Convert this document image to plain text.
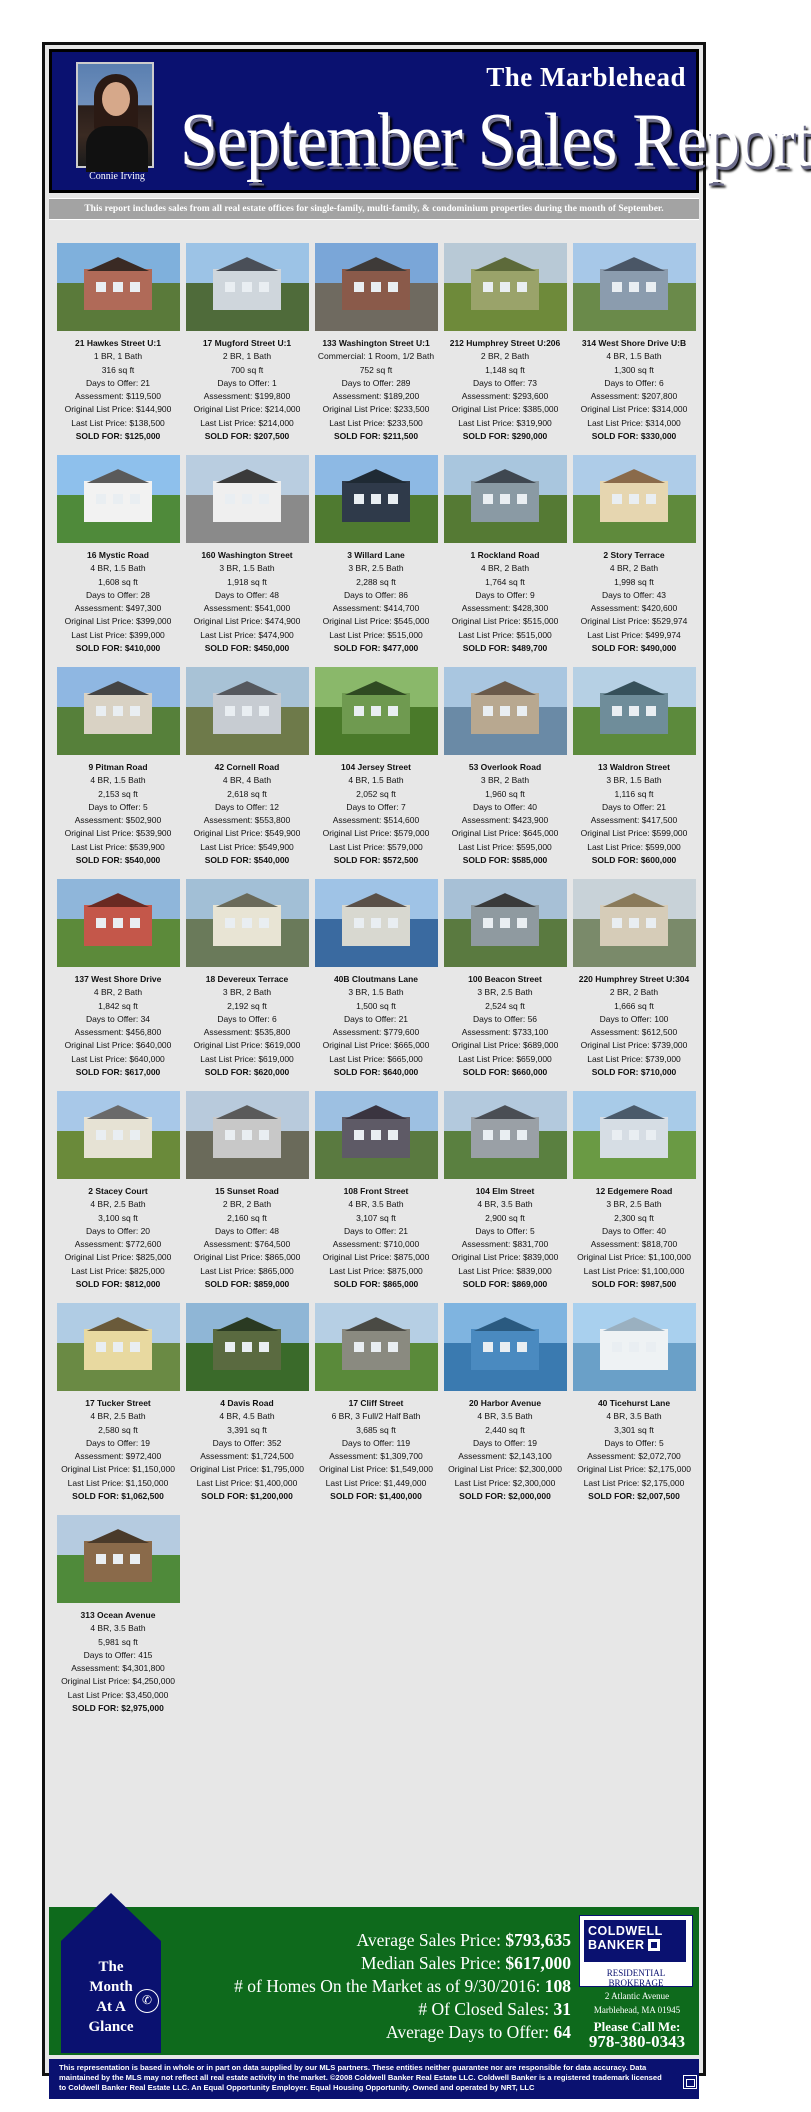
Connie Irving
The Marblehead
September Sales Report
This report includes sales from all real estate offices for single-family, multi-family, & condominium properties during the month of September.
21 Hawkes Street U:1
1 BR, 1 Bath
316 sq ft
Days to Offer: 21
Assessment: $119,500
Original List Price: $144,900
Last List Price: $138,500
SOLD FOR: $125,000
17 Mugford Street U:1
2 BR, 1 Bath
700 sq ft
Days to Offer: 1
Assessment: $199,800
Original List Price: $214,000
Last List Price: $214,000
SOLD FOR: $207,500
133 Washington Street U:1
Commercial: 1 Room, 1/2 Bath
752 sq ft
Days to Offer: 289
Assessment: $189,200
Original List Price: $233,500
Last List Price: $233,500
SOLD FOR: $211,500
212 Humphrey Street U:206
2 BR, 2 Bath
1,148 sq ft
Days to Offer: 73
Assessment: $293,600
Original List Price: $385,000
Last List Price: $319,900
SOLD FOR: $290,000
314 West Shore Drive U:B
4 BR, 1.5 Bath
1,300 sq ft
Days to Offer: 6
Assessment: $207,800
Original List Price: $314,000
Last List Price: $314,000
SOLD FOR: $330,000
16 Mystic Road
4 BR, 1.5 Bath
1,608 sq ft
Days to Offer: 28
Assessment: $497,300
Original List Price: $399,000
Last List Price: $399,000
SOLD FOR: $410,000
160 Washington Street
3 BR, 1.5 Bath
1,918 sq ft
Days to Offer: 48
Assessment: $541,000
Original List Price: $474,900
Last List Price: $474,900
SOLD FOR: $450,000
3 Willard Lane
3 BR, 2.5 Bath
2,288 sq ft
Days to Offer: 86
Assessment: $414,700
Original List Price: $545,000
Last List Price: $515,000
SOLD FOR: $477,000
1 Rockland Road
4 BR, 2 Bath
1,764 sq ft
Days to Offer: 9
Assessment: $428,300
Original List Price: $515,000
Last List Price: $515,000
SOLD FOR: $489,700
2 Story Terrace
4 BR, 2 Bath
1,998 sq ft
Days to Offer: 43
Assessment: $420,600
Original List Price: $529,974
Last List Price: $499,974
SOLD FOR: $490,000
9 Pitman Road
4 BR, 1.5 Bath
2,153 sq ft
Days to Offer: 5
Assessment: $502,900
Original List Price: $539,900
Last List Price: $539,900
SOLD FOR: $540,000
42 Cornell Road
4 BR, 4 Bath
2,618 sq ft
Days to Offer: 12
Assessment: $553,800
Original List Price: $549,900
Last List Price: $549,900
SOLD FOR: $540,000
104 Jersey Street
4 BR, 1.5 Bath
2,052 sq ft
Days to Offer: 7
Assessment: $514,600
Original List Price: $579,000
Last List Price: $579,000
SOLD FOR: $572,500
53 Overlook Road
3 BR, 2 Bath
1,960 sq ft
Days to Offer: 40
Assessment: $423,900
Original List Price: $645,000
Last List Price: $595,000
SOLD FOR: $585,000
13 Waldron Street
3 BR, 1.5 Bath
1,116 sq ft
Days to Offer: 21
Assessment: $417,500
Original List Price: $599,000
Last List Price: $599,000
SOLD FOR: $600,000
137 West Shore Drive
4 BR, 2 Bath
1,842 sq ft
Days to Offer: 34
Assessment: $456,800
Original List Price: $640,000
Last List Price: $640,000
SOLD FOR: $617,000
18 Devereux Terrace
3 BR, 2 Bath
2,192 sq ft
Days to Offer: 6
Assessment: $535,800
Original List Price: $619,000
Last List Price: $619,000
SOLD FOR: $620,000
40B Cloutmans Lane
3 BR, 1.5 Bath
1,500 sq ft
Days to Offer: 21
Assessment: $779,600
Original List Price: $665,000
Last List Price: $665,000
SOLD FOR: $640,000
100 Beacon Street
3 BR, 2.5 Bath
2,524 sq ft
Days to Offer: 56
Assessment: $733,100
Original List Price: $689,000
Last List Price: $659,000
SOLD FOR: $660,000
220 Humphrey Street U:304
2 BR, 2 Bath
1,666 sq ft
Days to Offer: 100
Assessment: $612,500
Original List Price: $739,000
Last List Price: $739,000
SOLD FOR: $710,000
2 Stacey Court
4 BR, 2.5 Bath
3,100 sq ft
Days to Offer: 20
Assessment: $772,600
Original List Price: $825,000
Last List Price: $825,000
SOLD FOR: $812,000
15 Sunset Road
2 BR, 2 Bath
2,160 sq ft
Days to Offer: 48
Assessment: $764,500
Original List Price: $865,000
Last List Price: $865,000
SOLD FOR: $859,000
108 Front Street
4 BR, 3.5 Bath
3,107 sq ft
Days to Offer: 21
Assessment: $710,000
Original List Price: $875,000
Last List Price: $875,000
SOLD FOR: $865,000
104 Elm Street
4 BR, 3.5 Bath
2,900 sq ft
Days to Offer: 5
Assessment: $831,700
Original List Price: $839,000
Last List Price: $839,000
SOLD FOR: $869,000
12 Edgemere Road
3 BR, 2.5 Bath
2,300 sq ft
Days to Offer: 40
Assessment: $818,700
Original List Price: $1,100,000
Last List Price: $1,100,000
SOLD FOR: $987,500
17 Tucker Street
4 BR, 2.5 Bath
2,580 sq ft
Days to Offer: 19
Assessment: $972,400
Original List Price: $1,150,000
Last List Price: $1,150,000
SOLD FOR: $1,062,500
4 Davis Road
4 BR, 4.5 Bath
3,391 sq ft
Days to Offer: 352
Assessment: $1,724,500
Original List Price: $1,795,000
Last List Price: $1,400,000
SOLD FOR: $1,200,000
17 Cliff Street
6 BR, 3 Full/2 Half Bath
3,685 sq ft
Days to Offer: 119
Assessment: $1,309,700
Original List Price: $1,549,000
Last List Price: $1,449,000
SOLD FOR: $1,400,000
20 Harbor Avenue
4 BR, 3.5 Bath
2,440 sq ft
Days to Offer: 19
Assessment: $2,143,100
Original List Price: $2,300,000
Last List Price: $2,300,000
SOLD FOR: $2,000,000
40 Ticehurst Lane
4 BR, 3.5 Bath
3,301 sq ft
Days to Offer: 5
Assessment: $2,072,700
Original List Price: $2,175,000
Last List Price: $2,175,000
SOLD FOR: $2,007,500
313 Ocean Avenue
4 BR, 3.5 Bath
5,981 sq ft
Days to Offer: 415
Assessment: $4,301,800
Original List Price: $4,250,000
Last List Price: $3,450,000
SOLD FOR: $2,975,000
The
Month
At A
Glance
✆
Average Sales Price: $793,635
Median Sales Price: $617,000
# of Homes On the Market as of 9/30/2016: 108
# Of Closed Sales: 31
Average Days to Offer: 64
COLDWELL
BANKER
RESIDENTIAL BROKERAGE
2 Atlantic Avenue
Marblehead, MA 01945
Please Call Me:
978-380-0343
This representation is based in whole or in part on data supplied by our MLS partners. These entities neither guarantee nor are responsible for data accuracy. Data maintained by the MLS may not reflect all real estate activity in the market. ©2008 Coldwell Banker Real Estate LLC. Coldwell Banker is a registered trademark licensed to Coldwell Banker Real Estate LLC. An Equal Opportunity Employer. Equal Housing Opportunity. Owned and operated by NRT, LLC
